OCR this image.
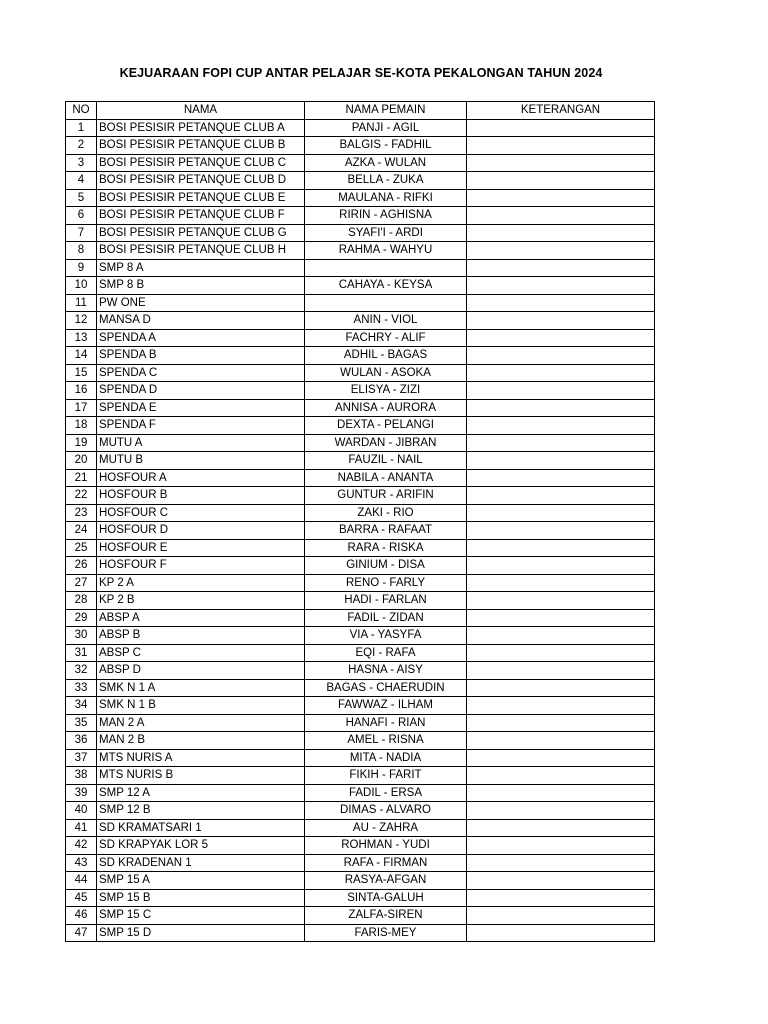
KEJUARAAN FOPI CUP ANTAR PELAJAR SE-KOTA PEKALONGAN TAHUN 2024
NO	NAMA	NAMA PEMAIN	KETERANGAN
1	BOSI PESISIR PETANQUE CLUB A	PANJI - AGIL	
2	BOSI PESISIR PETANQUE CLUB B	BALGIS - FADHIL	
3	BOSI PESISIR PETANQUE CLUB C	AZKA - WULAN	
4	BOSI PESISIR PETANQUE CLUB D	BELLA - ZUKA	
5	BOSI PESISIR PETANQUE CLUB E	MAULANA - RIFKI	
6	BOSI PESISIR PETANQUE CLUB F	RIRIN - AGHISNA	
7	BOSI PESISIR PETANQUE CLUB G	SYAFI'I - ARDI	
8	BOSI PESISIR PETANQUE CLUB H	RAHMA - WAHYU	
9	SMP 8 A		
10	SMP 8 B	CAHAYA - KEYSA	
11	PW ONE		
12	MANSA D	ANIN - VIOL	
13	SPENDA A	FACHRY - ALIF	
14	SPENDA B	ADHIL - BAGAS	
15	SPENDA C	WULAN - ASOKA	
16	SPENDA D	ELISYA - ZIZI	
17	SPENDA E	ANNISA - AURORA	
18	SPENDA F	DEXTA - PELANGI	
19	MUTU A	WARDAN - JIBRAN	
20	MUTU B	FAUZIL - NAIL	
21	HOSFOUR A	NABILA - ANANTA	
22	HOSFOUR B	GUNTUR - ARIFIN	
23	HOSFOUR C	ZAKI - RIO	
24	HOSFOUR D	BARRA - RAFAAT	
25	HOSFOUR E	RARA - RISKA	
26	HOSFOUR F	GINIUM - DISA	
27	KP 2 A	RENO - FARLY	
28	KP 2 B	HADI - FARLAN	
29	ABSP A	FADIL - ZIDAN	
30	ABSP B	VIA - YASYFA	
31	ABSP C	EQI - RAFA	
32	ABSP D	HASNA - AISY	
33	SMK N 1 A	BAGAS - CHAERUDIN	
34	SMK N 1 B	FAWWAZ - ILHAM	
35	MAN 2 A	HANAFI - RIAN	
36	MAN 2 B	AMEL - RISNA	
37	MTS NURIS A	MITA - NADIA	
38	MTS NURIS B	FIKIH - FARIT	
39	SMP 12 A	FADIL - ERSA	
40	SMP 12 B	DIMAS - ALVARO	
41	SD KRAMATSARI 1	AU - ZAHRA	
42	SD KRAPYAK LOR 5	ROHMAN - YUDI	
43	SD KRADENAN 1	RAFA - FIRMAN	
44	SMP 15 A	RASYA-AFGAN	
45	SMP 15 B	SINTA-GALUH	
46	SMP 15 C	ZALFA-SIREN	
47	SMP 15 D	FARIS-MEY	
